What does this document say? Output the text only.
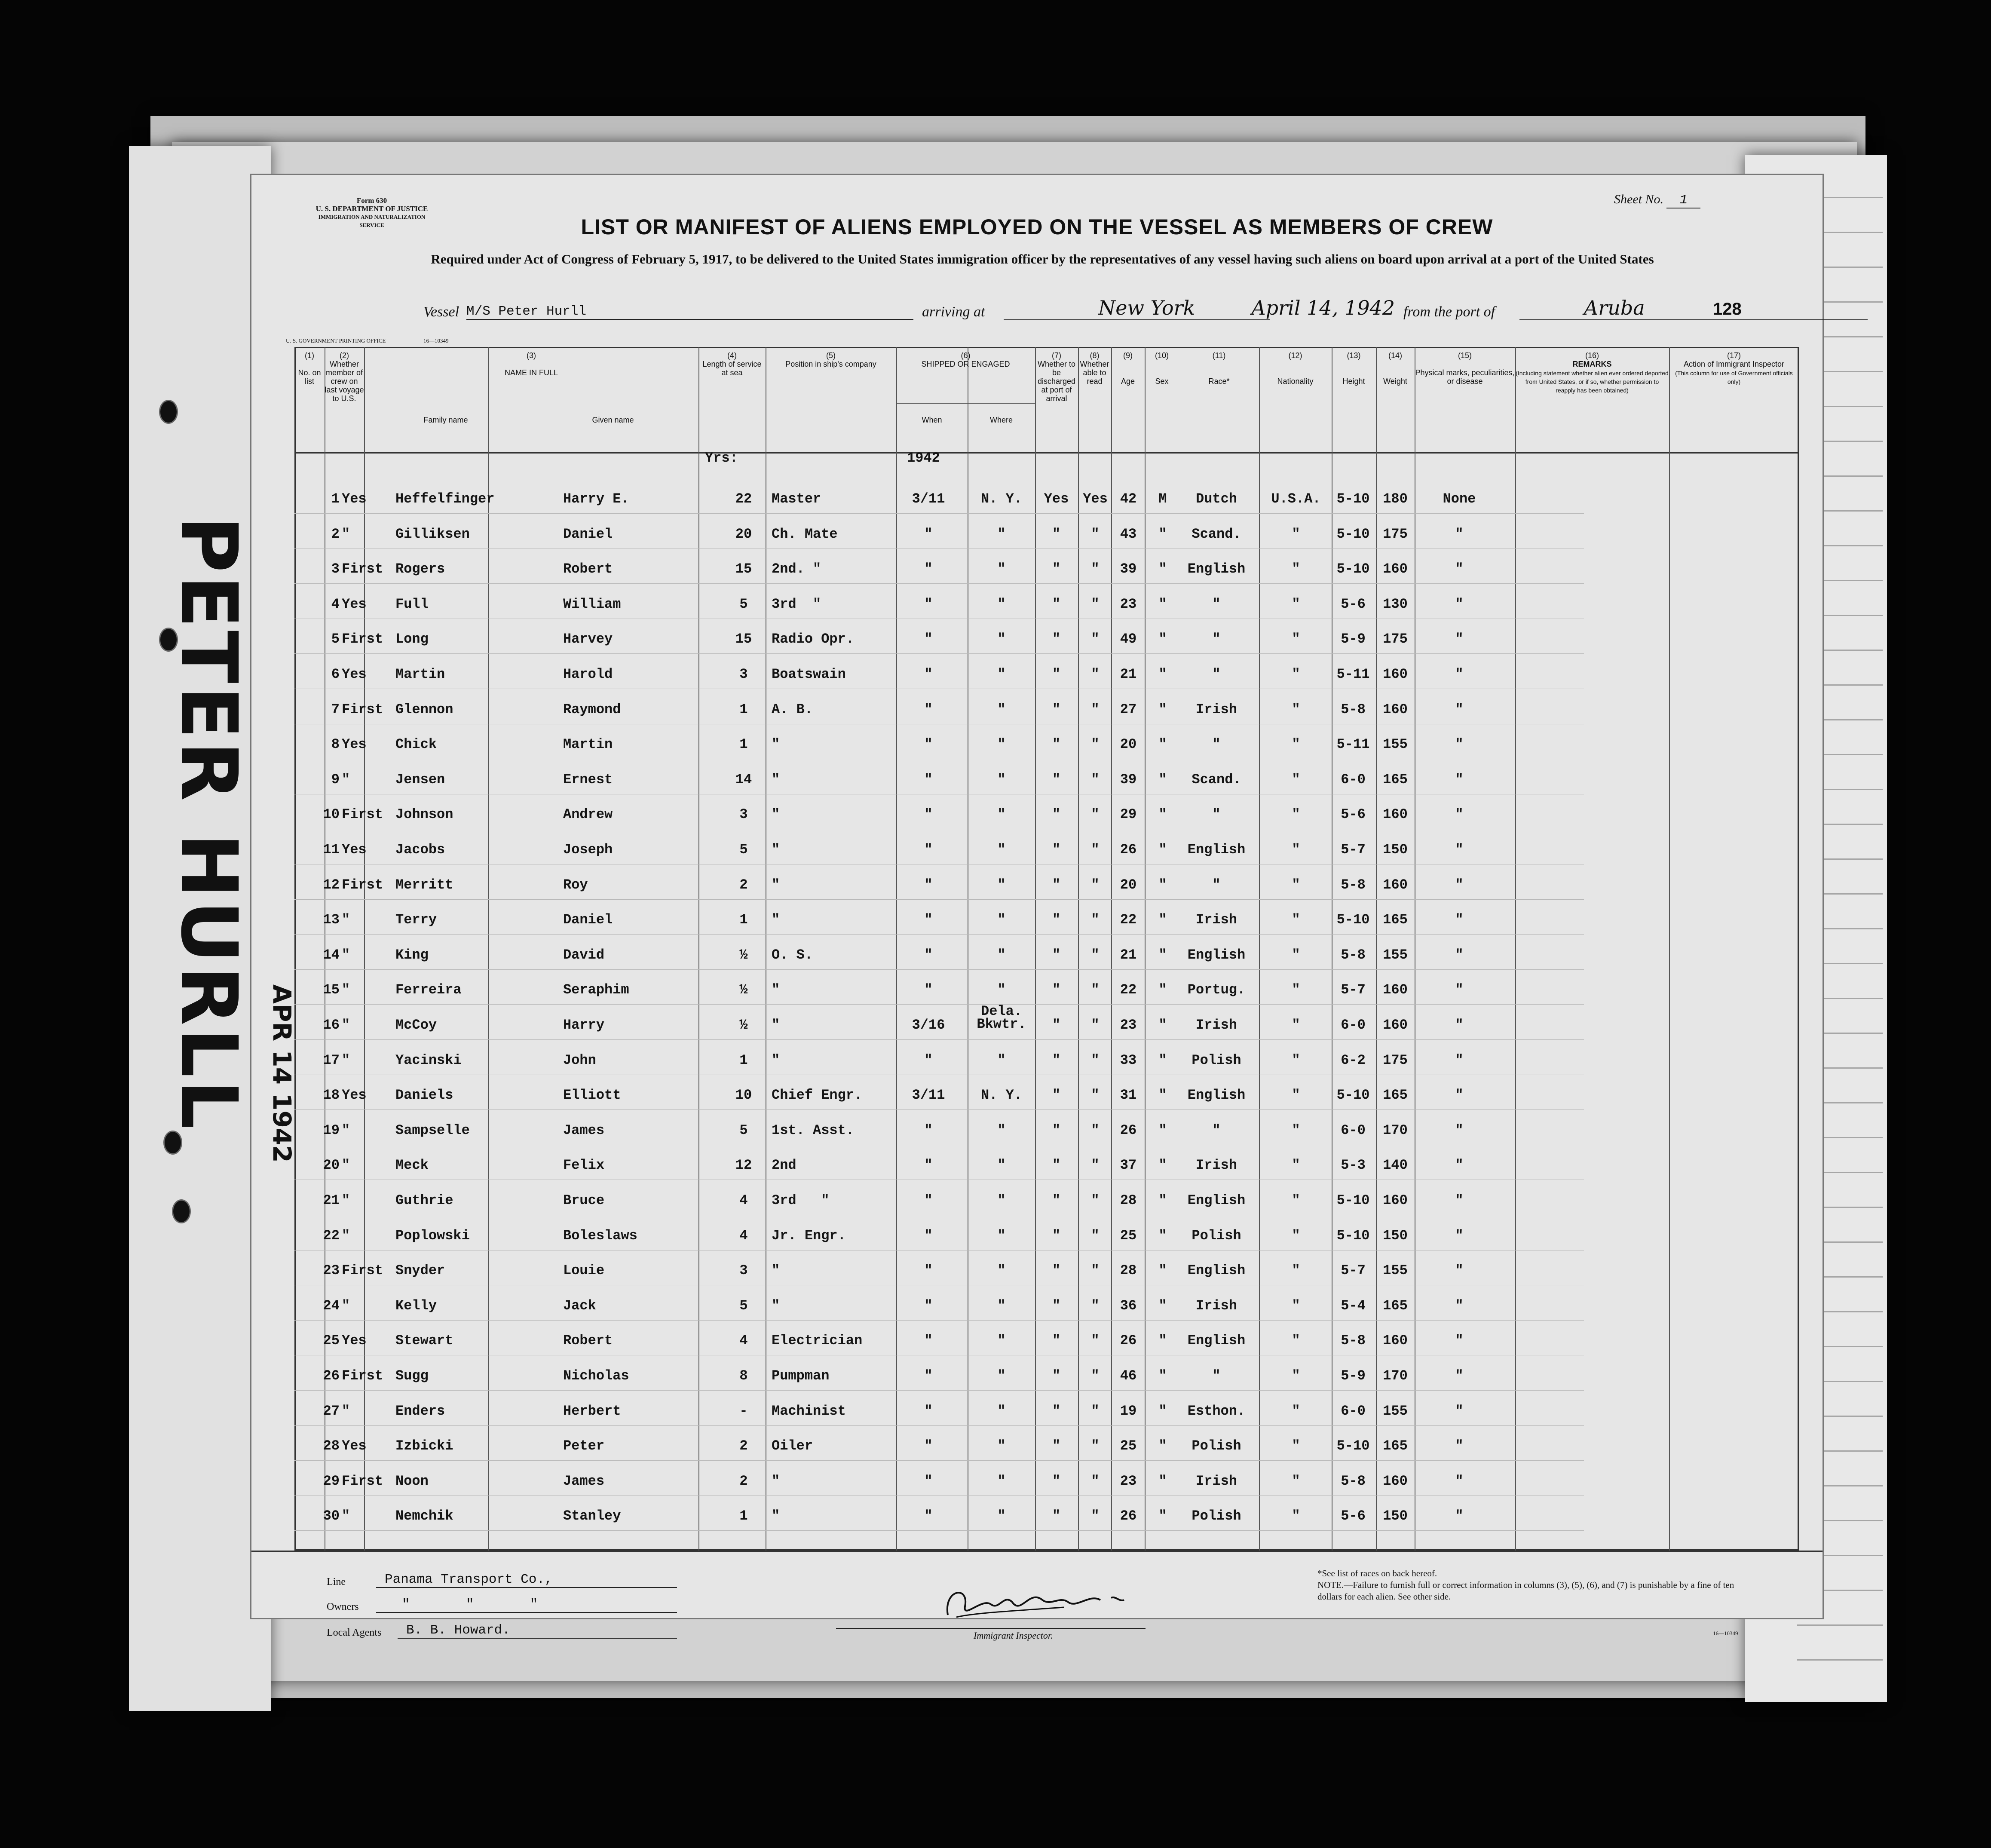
Form 630
U. S. DEPARTMENT OF JUSTICE
IMMIGRATION AND NATURALIZATION SERVICE
Sheet No. 1
LIST OR MANIFEST OF ALIENS EMPLOYED ON THE VESSEL AS MEMBERS OF CREW
Required under Act of Congress of February 5, 1917, to be delivered to the United States immigration officer by the representatives of any vessel having such aliens on board upon arrival at a port of the United States
Vessel M/S Peter Hurll	arriving at	New York	April 14, 1942 from the port of	Aruba	128
U. S. GOVERNMENT PRINTING OFFICE	16—10349
(1)

No. on list
(2)
Whether member of crew on last voyage to U.S.
(3)

NAME IN FULL
Family name	Given name
(4)
Length of service at sea
(5)
Position in ship's company
(6)
SHIPPED OR ENGAGED
When	Where
(7)
Whether to be discharged at port of arrival
(8)
Whether able to read
(9)

Age
(10)

Sex
(11)

Race*
(12)

Nationality
(13)

Height
(14)

Weight
(15)

Physical marks, peculiarities, or disease
(16)
REMARKS
(Including statement whether alien ever ordered deported from United States, or if so, whether permission to reapply has been obtained)
(17)
Action of Immigrant Inspector
(This column for use of Government officials only)
Yrs:	1942
1 Yes	Heffelfinger	Harry E.	22	Master	3/11	N. Y.	Yes	Yes 42	M	Dutch	U.S.A.	5-10 180	None
2 "	Gilliksen	Daniel	20	Ch. Mate	"	"	"	"	43	"	Scand.	"	5-10 175	"
3 First Rogers	Robert	15	2nd. "	"	"	"	"	39	"	English	"	5-10 160	"
4 Yes	Full	William	5	3rd  "	"	"	"	"	23	"	"	"	5-6	130	"
5 First Long	Harvey	15	Radio Opr.	"	"	"	"	49	"	"	"	5-9	175	"
6 Yes	Martin	Harold	3	Boatswain	"	"	"	"	21	"	"	"	5-11 160	"
7 First Glennon	Raymond	1	A. B.	"	"	"	"	27	"	Irish	"	5-8	160	"
8 Yes	Chick	Martin	1	"	"	"	"	"	20	"	"	"	5-11 155	"
9 "	Jensen	Ernest	14	"	"	"	"	"	39	"	Scand.	"	6-0	165	"
10 First Johnson	Andrew	3	"	"	"	"	"	29	"	"	"	5-6	160	"
11 Yes	Jacobs	Joseph	5	"	"	"	"	"	26	"	English	"	5-7	150	"
12 First Merritt	Roy	2	"	"	"	"	"	20	"	"	"	5-8	160	"
13 "	Terry	Daniel	1	"	"	"	"	"	22	"	Irish	"	5-10 165	"
14 "	King	David	½	O. S.	"	"	"	"	21	"	English	"	5-8	155	"
15 "	Ferreira	Seraphim	½	"	"	"	"	"	22	"	Portug.	"	5-7	160	"
16 "	McCoy	Harry	½	"	3/16
Dela. Bkwtr.	"	"	23	"	Irish	"	6-0	160	"
17 "	Yacinski	John	1	"	"	"	"	"	33	"	Polish	"	6-2	175	"
18 Yes	Daniels	Elliott	10	Chief Engr.	3/11	N. Y.	"	"	31	"	English	"	5-10 165	"
19 "	Sampselle	James	5	1st. Asst.	"	"	"	"	26	"	"	"	6-0	170	"
20 "	Meck	Felix	12	2nd	"	"	"	"	37	"	Irish	"	5-3	140	"
21 "	Guthrie	Bruce	4	3rd   "	"	"	"	"	28	"	English	"	5-10 160	"
22 "	Poplowski	Boleslaws	4	Jr. Engr.	"	"	"	"	25	"	Polish	"	5-10 150	"
23 First Snyder	Louie	3	"	"	"	"	"	28	"	English	"	5-7	155	"
24 "	Kelly	Jack	5	"	"	"	"	"	36	"	Irish	"	5-4	165	"
25 Yes	Stewart	Robert	4	Electrician	"	"	"	"	26	"	English	"	5-8	160	"
26 First Sugg	Nicholas	8	Pumpman	"	"	"	"	46	"	"	"	5-9	170	"
27 "	Enders	Herbert	-	Machinist	"	"	"	"	19	"	Esthon.	"	6-0	155	"
28 Yes	Izbicki	Peter	2	Oiler	"	"	"	"	25	"	Polish	"	5-10 165	"
29 First Noon	James	2	"	"	"	"	"	23	"	Irish	"	5-8	160	"
30 "	Nemchik	Stanley	1	"	"	"	"	"	26	"	Polish	"	5-6	150	"
Line	Panama Transport Co.,
Owners	"       "       "
Local Agents	B. B. Howard.	Immigrant Inspector.
*See list of races on back hereof.
NOTE.—Failure to furnish full or correct information in columns (3), (5), (6), and (7) is punishable by a fine of ten dollars for each alien. See other side.
16—10349
PETER HURLL APR 14 1942
